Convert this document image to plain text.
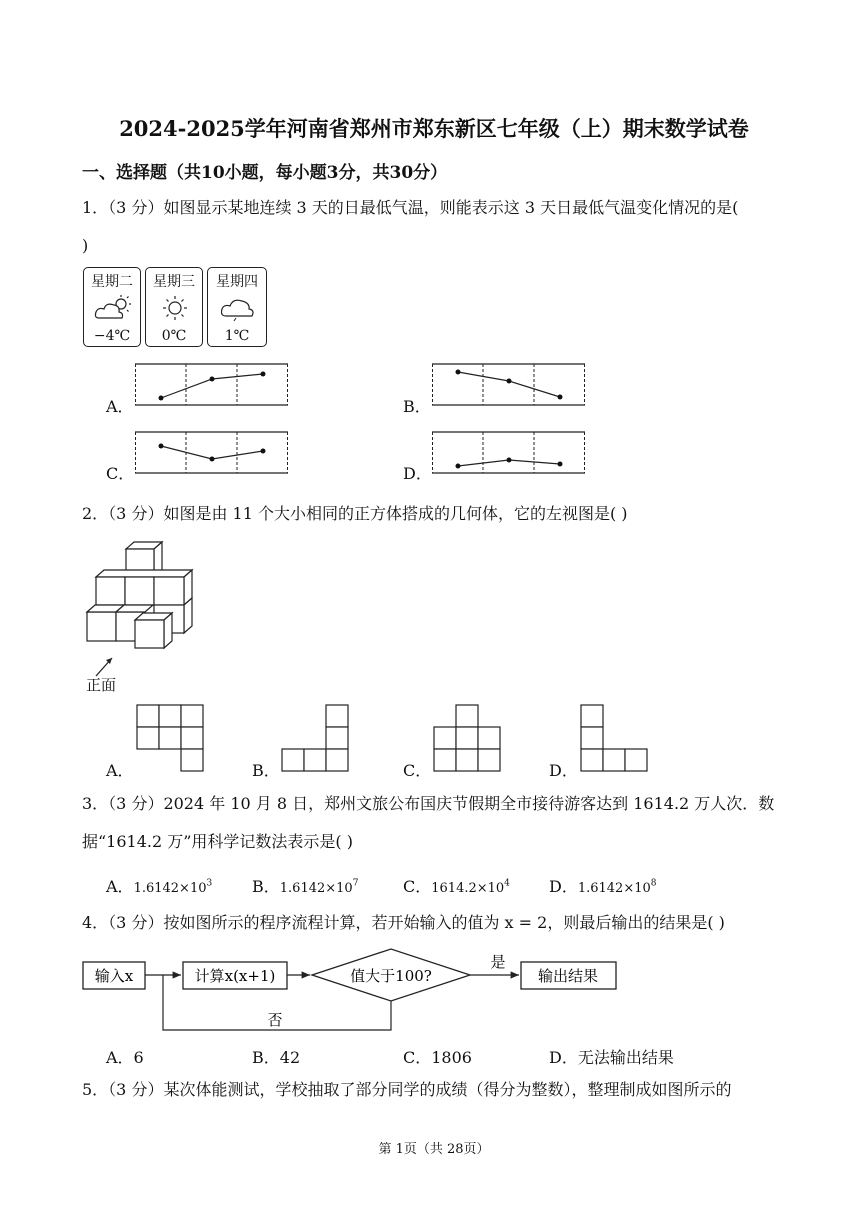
2024-2025学年河南省郑州市郑东新区七年级（上）期末数学试卷
一、选择题（共10小题，每小题3分，共30分）
1．（3 分）如图显示某地连续 3 天的日最低气温，则能表示这 3 天日最低气温变化情况的是(
)
星期二
−4℃
星期三
0℃
星期四
1℃
A．	B．
C．	D．
2．（3 分）如图是由 11 个大小相同的正方体搭成的几何体，它的左视图是( )
正面
A．	B．	C．	D．
3．（3 分）2024 年 10 月 8 日，郑州文旅公布国庆节假期全市接待游客达到 1614.2 万人次．数
据“1614.2 万”用科学记数法表示是( )
A．$1.6142\times 10^3$ B．$1.6142\times 10^7$	C．$1614.2\times 10^4$ D．$1.6142\times 10^8$
4．（3 分）按如图所示的程序流程计算，若开始输入的值为 x = 2，则最后输出的结果是( )
输入x	计算x(x+1)	值大于100?
是
输出结果
否
A．6	B．42	C．1806	D．无法输出结果
5．（3 分）某次体能测试，学校抽取了部分同学的成绩（得分为整数），整理制成如图所示的
第 1页（共 28页）
